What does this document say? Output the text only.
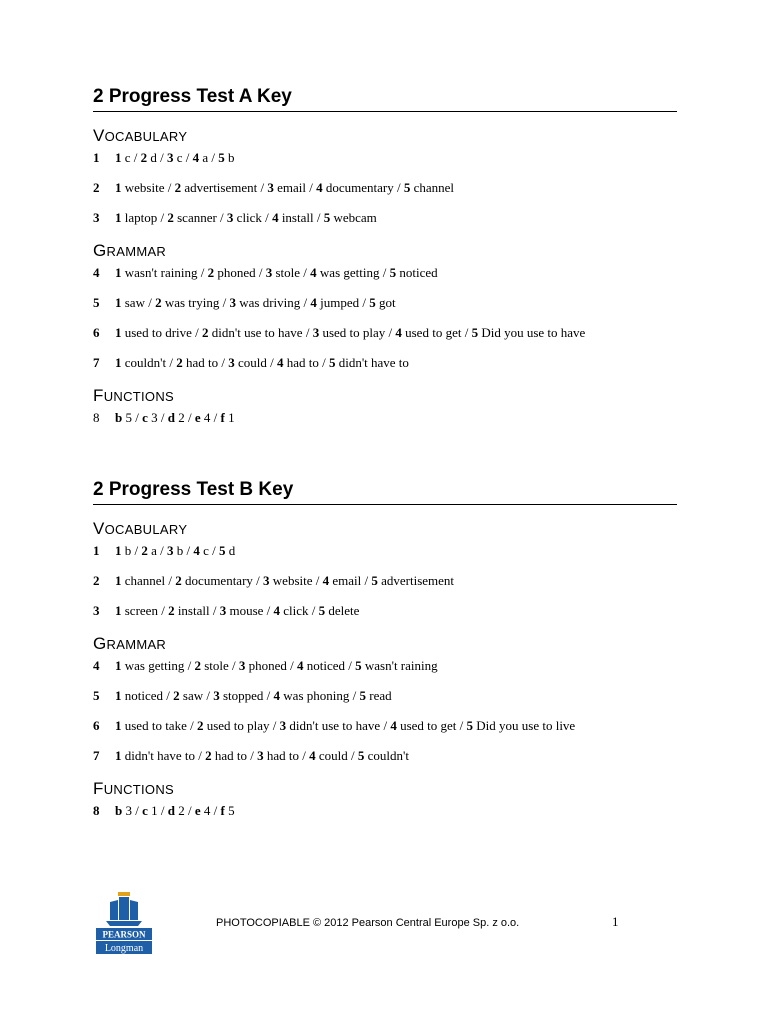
2 Progress Test A Key
VOCABULARY
1 1 c / 2 d / 3 c / 4 a / 5 b
2 1 website / 2 advertisement / 3 email / 4 documentary / 5 channel
3 1 laptop / 2 scanner / 3 click / 4 install / 5 webcam
GRAMMAR
4 1 wasn't raining / 2 phoned / 3 stole / 4 was getting / 5 noticed
5 1 saw / 2 was trying / 3 was driving / 4 jumped / 5 got
6 1 used to drive / 2 didn't use to have / 3 used to play / 4 used to get / 5 Did you use to have
7 1 couldn't / 2 had to / 3 could / 4 had to / 5 didn't have to
FUNCTIONS
8 b 5 / c 3 / d 2 / e 4 / f 1
2 Progress Test B Key
VOCABULARY
1 1 b / 2 a / 3 b / 4 c / 5 d
2 1 channel / 2 documentary / 3 website / 4 email / 5 advertisement
3 1 screen / 2 install / 3 mouse / 4 click / 5 delete
GRAMMAR
4 1 was getting / 2 stole / 3 phoned / 4 noticed / 5 wasn't raining
5 1 noticed / 2 saw / 3 stopped / 4 was phoning / 5 read
6 1 used to take / 2 used to play / 3 didn't use to have / 4 used to get / 5 Did you use to live
7 1 didn't have to / 2 had to / 3 had to / 4 could / 5 couldn't
FUNCTIONS
8 b 3 / c 1 / d 2 / e 4 / f 5
PEARSON
Longman
PHOTOCOPIABLE © 2012 Pearson Central Europe Sp. z o.o.	1
